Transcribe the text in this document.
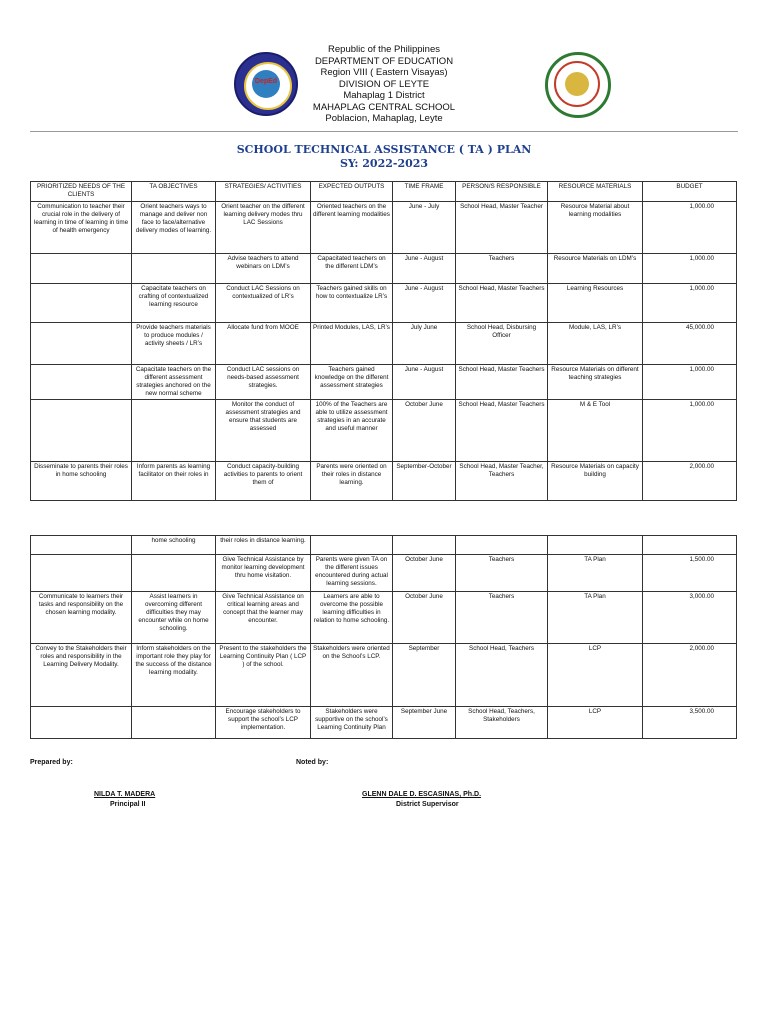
DepEd
Republic of the Philippines
DEPARTMENT OF EDUCATION
Region VIII ( Eastern Visayas)
DIVISION OF LEYTE
Mahaplag 1 District
MAHAPLAG CENTRAL SCHOOL
Poblacion, Mahaplag, Leyte
SCHOOL TECHNICAL ASSISTANCE ( TA ) PLAN
SY: 2022-2023
PRIORITIZED NEEDS OF THE CLIENTS	TA OBJECTIVES	STRATEGIES/ ACTIVITIES	EXPECTED OUTPUTS	TIME FRAME	PERSON/S RESPONSIBLE	RESOURCE MATERIALS	BUDGET
Communication to teacher their crucial role in the delivery of learning in time of learning in time of health emergency	Orient teachers ways to manage and deliver non face to face/alternative delivery modes of learning.	Orient teacher on the different learning delivery modes thru LAC Sessions	Oriented teachers on the different learning modalities	June - July	School Head, Master Teacher	Resource Material about learning modalities	1,000.00
		Advise teachers to attend webinars on LDM’s	Capacitated teachers on the different LDM’s	June - August	Teachers	Resource Materials on LDM’s	1,000.00
	Capacitate teachers on crafting of contextualized learning resource	Conduct LAC Sessions on contextualized of LR’s	Teachers gained skills on how to contextualize LR’s	June - August	School Head, Master Teachers	Learning Resources	1,000.00
	Provide teachers materials to produce modules / activity sheets / LR’s	Allocate fund from MOOE	Printed Modules, LAS, LR’s	July June	School Head, Disbursing Officer	Module, LAS, LR’s	45,000.00
	Capacitate teachers on the different assessment strategies anchored on the new normal scheme	Conduct LAC sessions on needs-based assessment strategies.	Teachers gained knowledge on the different assessment strategies	June - August	School Head, Master Teachers	Resource Materials on different teaching strategies	1,000.00
		Monitor the conduct of assessment strategies and ensure that students are assessed	100% of the Teachers are able to utilize assessment strategies in an accurate and useful manner	October June	School Head, Master Teachers	M & E Tool	1,000.00
Disseminate to parents their roles in home schooling	Inform parents as learning facilitator on their roles in	Conduct capacity-building activities to parents to orient them of	Parents were oriented on their roles in distance learning.	September-October	School Head, Master Teacher, Teachers	Resource Materials on capacity building	2,000.00
	home schooling	their roles in distance learning.					
		Give Technical Assistance by monitor learning development thru home visitation.	Parents were given TA on the different issues encountered during actual learning sessions.	October June	Teachers	TA Plan	1,500.00
Communicate to learners their tasks and responsibility on the chosen learning modality.	Assist learners in overcoming different difficulties they may encounter while on home schooling.	Give Technical Assistance on critical learning areas and concept that the learner may encounter.	Learners are able to overcome the possible learning difficulties in relation to home schooling.	October June	Teachers	TA Plan	3,000.00
Convey to the Stakeholders their roles and responsibility in the Learning Delivery Modality.	Inform stakeholders on the important role they play for the success of the distance learning modality.	Present to the stakeholders the Learning Continuity Plan ( LCP ) of the school.	Stakeholders were oriented on the School’s LCP.	September	School Head, Teachers	LCP	2,000.00
		Encourage stakeholders to support the school’s LCP implementation.	Stakeholders were supportive on the school’s Learning Continuity Plan	September June	School Head, Teachers, Stakeholders	LCP	3,500.00
Prepared by:	Noted by:
NILDA T. MADERA
Principal II
GLENN DALE D. ESCASINAS, Ph.D.
District Supervisor
